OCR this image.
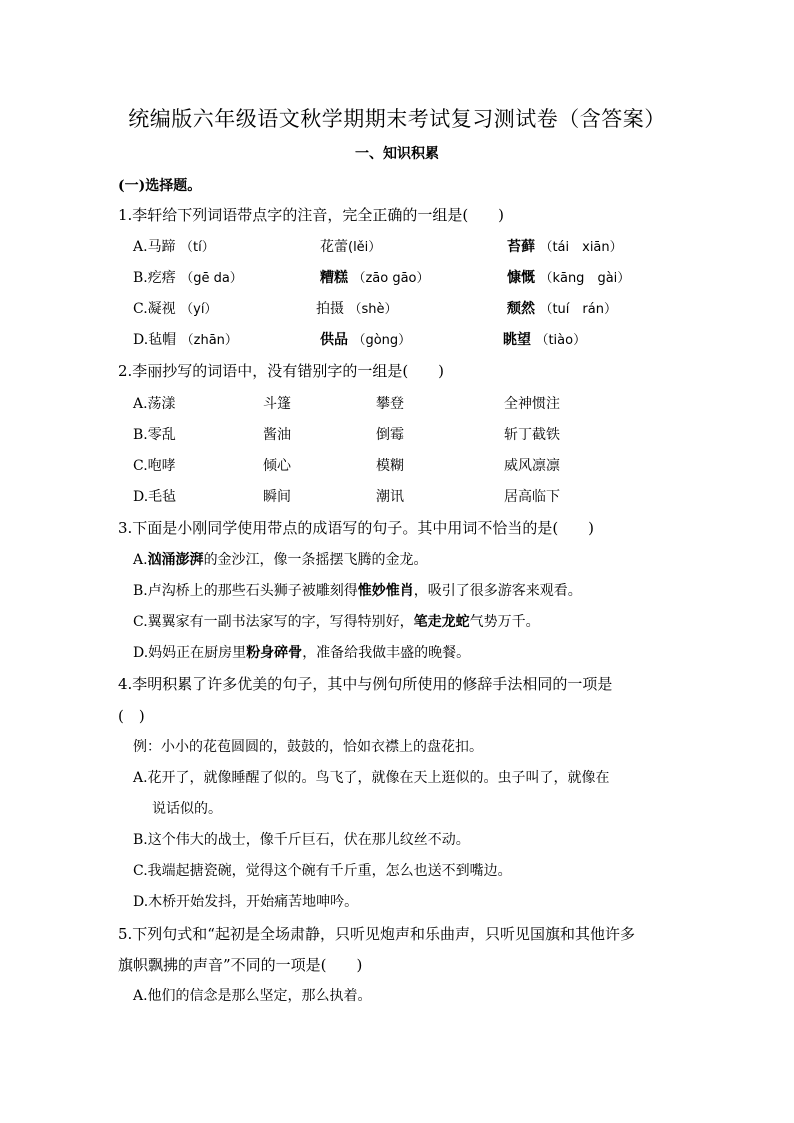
统编版六年级语文秋学期期末考试复习测试卷（含答案）
一、知识积累
(一)选择题。
1.李轩给下列词语带点字的注音，完全正确的一组是(　　)
A.马蹄 （tí）	花蕾(lěi）	苔藓 （tái　xiān）
B.疙瘩 （gē da）	糟糕 （zāo gāo）	慷慨 （kāng　gài）
C.凝视 （yí）	拍摄 （shè）	颓然 （tuí　rán）
D.毡帽 （zhān）	供品 （gòng）	眺望 （tiào）
2.李丽抄写的词语中，没有错别字的一组是(　　)
A.荡漾	斗篷	攀登	全神惯注
B.零乱	酱油	倒霉	斩丁截铁
C.咆哮	倾心	模糊	威风凛凛
D.毛毡	瞬间	潮讯	居高临下
3.下面是小刚同学使用带点的成语写的句子。其中用词不恰当的是(　　)
A.汹涌澎湃的金沙江，像一条摇摆飞腾的金龙。
B.卢沟桥上的那些石头狮子被雕刻得惟妙惟肖，吸引了很多游客来观看。
C.翼翼家有一副书法家写的字，写得特别好，笔走龙蛇气势万千。
D.妈妈正在厨房里粉身碎骨，准备给我做丰盛的晚餐。
4.李明积累了许多优美的句子，其中与例句所使用的修辞手法相同的一项是
(　)
例：小小的花苞圆圆的，鼓鼓的，恰如衣襟上的盘花扣。
A.花开了，就像睡醒了似的。鸟飞了，就像在天上逛似的。虫子叫了，就像在
说话似的。
B.这个伟大的战士，像千斤巨石，伏在那儿纹丝不动。
C.我端起搪瓷碗，觉得这个碗有千斤重，怎么也送不到嘴边。
D.木桥开始发抖，开始痛苦地呻吟。
5.下列句式和“起初是全场肃静，只听见炮声和乐曲声，只听见国旗和其他许多
旗帜飘拂的声音”不同的一项是(　　)
A.他们的信念是那么坚定，那么执着。
